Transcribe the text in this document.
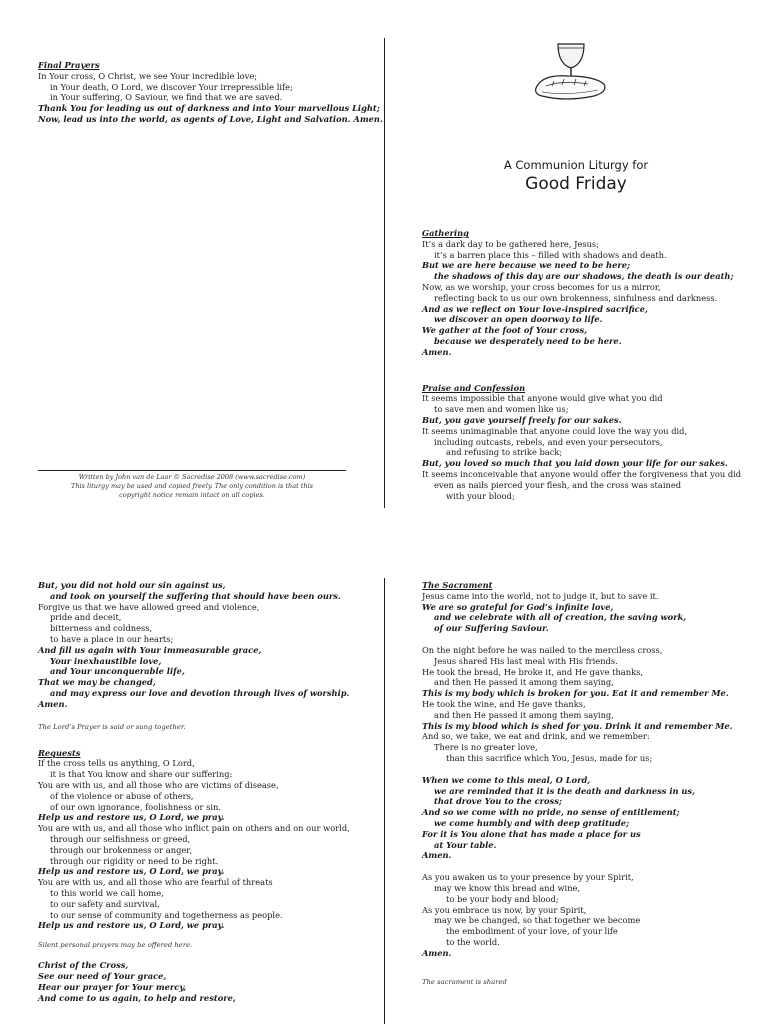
Final Prayers
In Your cross, O Christ, we see Your incredible love;
in Your death, O Lord, we discover Your irrepressible life;
in Your suffering, O Saviour, we find that we are saved.
Thank You for leading us out of darkness and into Your marvellous Light;
Now, lead us into the world, as agents of Love, Light and Salvation. Amen.
Written by John van de Laar © Sacredise 2008 (www.sacredise.com)
This liturgy may be used and copied freely. The only condition is that this
copyright notice remain intact on all copies.
A Communion Liturgy for
Good Friday
Gathering
It’s a dark day to be gathered here, Jesus;
it’s a barren place this – filled with shadows and death.
But we are here because we need to be here;
the shadows of this day are our shadows, the death is our death;
Now, as we worship, your cross becomes for us a mirror,
reflecting back to us our own brokenness, sinfulness and darkness.
And as we reflect on Your love-inspired sacrifice,
we discover an open doorway to life.
We gather at the foot of Your cross,
because we desperately need to be here.
Amen.
Praise and Confession
It seems impossible that anyone would give what you did
to save men and women like us;
But, you gave yourself freely for our sakes.
It seems unimaginable that anyone could love the way you did,
including outcasts, rebels, and even your persecutors,
and refusing to strike back;
But, you loved so much that you laid down your life for our sakes.
It seems inconceivable that anyone would offer the forgiveness that you did
even as nails pierced your flesh, and the cross was stained
with your blood;
But, you did not hold our sin against us,
and took on yourself the suffering that should have been ours.
Forgive us that we have allowed greed and violence,
pride and deceit,
bitterness and coldness,
to have a place in our hearts;
And fill us again with Your immeasurable grace,
Your inexhaustible love,
and Your unconquerable life,
That we may be changed,
and may express our love and devotion through lives of worship.
Amen.
The Lord’s Prayer is said or sung together.
Requests
If the cross tells us anything, O Lord,
it is that You know and share our suffering:
You are with us, and all those who are victims of disease,
of the violence or abuse of others,
of our own ignorance, foolishness or sin.
Help us and restore us, O Lord, we pray.
You are with us, and all those who inflict pain on others and on our world,
through our selfishness or greed,
through our brokenness or anger,
through our rigidity or need to be right.
Help us and restore us, O Lord, we pray.
You are with us, and all those who are fearful of threats
to this world we call home,
to our safety and survival,
to our sense of community and togetherness as people.
Help us and restore us, O Lord, we pray.
Silent personal prayers may be offered here.
Christ of the Cross,
See our need of Your grace,
Hear our prayer for Your mercy,
And come to us again, to help and restore,
The Sacrament
Jesus came into the world, not to judge it, but to save it.
We are so grateful for God’s infinite love,
and we celebrate with all of creation, the saving work,
of our Suffering Saviour.
On the night before he was nailed to the merciless cross,
Jesus shared His last meal with His friends.
He took the bread, He broke it, and He gave thanks,
and then He passed it among them saying,
This is my body which is broken for you. Eat it and remember Me.
He took the wine, and He gave thanks,
and then He passed it among them saying,
This is my blood which is shed for you. Drink it and remember Me.
And so, we take, we eat and drink, and we remember:
There is no greater love,
than this sacrifice which You, Jesus, made for us;
When we come to this meal, O Lord,
we are reminded that it is the death and darkness in us,
that drove You to the cross;
And so we come with no pride, no sense of entitlement;
we come humbly and with deep gratitude;
For it is You alone that has made a place for us
at Your table.
Amen.
As you awaken us to your presence by your Spirit,
may we know this bread and wine,
to be your body and blood;
As you embrace us now, by your Spirit,
may we be changed, so that together we become
the embodiment of your love, of your life
to the world.
Amen.
The sacrament is shared
